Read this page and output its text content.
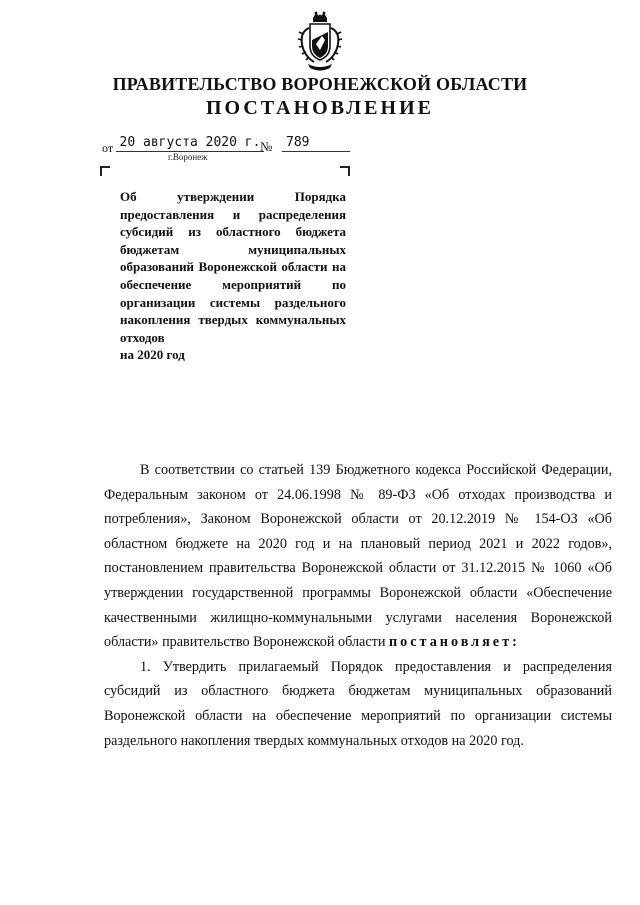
ПРАВИТЕЛЬСТВО ВОРОНЕЖСКОЙ ОБЛАСТИ
ПОСТАНОВЛЕНИЕ
от 20 августа 2020 г. №	789
г.Воронеж
Об утверждении Порядка предоставления и распределения субсидий из областного бюджета бюджетам муниципальных образований Воронежской области на обеспечение мероприятий по организации системы раздельного накопления твердых коммунальных отходов
на 2020 год

В соответствии со статьей 139 Бюджетного кодекса Российской Федерации, Федеральным законом от 24.06.1998 № 89-ФЗ «Об отходах производства и потребления», Законом Воронежской области от 20.12.2019 № 154-ОЗ «Об областном бюджете на 2020 год и на плановый период 2021 и 2022 годов», постановлением правительства Воронежской области от 31.12.2015 № 1060 «Об утверждении государственной программы Воронежской области «Обеспечение качественными жилищно-коммунальными услугами населения Воронежской области» правительство Воронежской области постановляет:

1. Утвердить прилагаемый Порядок предоставления и распределения субсидий из областного бюджета бюджетам муниципальных образований Воронежской области на обеспечение мероприятий по организации системы раздельного накопления твердых коммунальных отходов на 2020 год.
